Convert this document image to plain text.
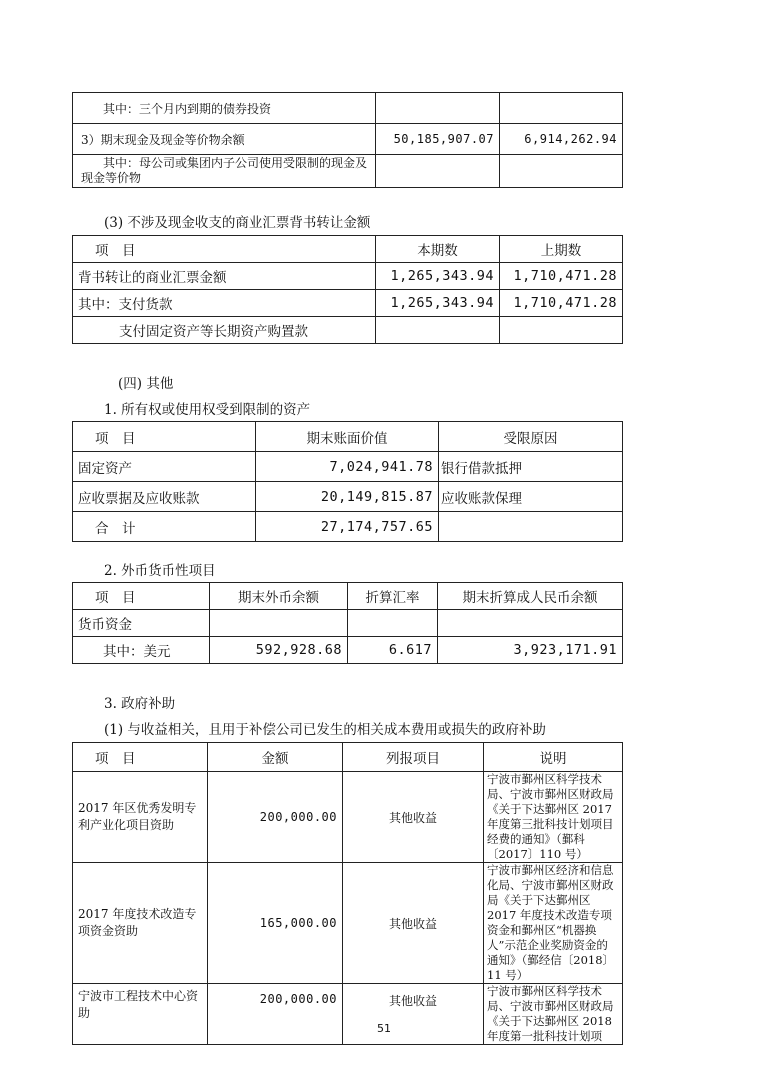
其中：三个月内到期的债券投资		
3）期末现金及现金等价物余额	50,185,907.07	6,914,262.94
其中：母公司或集团内子公司使用受限制的现金及现金等价物		
(3) 不涉及现金收支的商业汇票背书转让金额
项　目	本期数	上期数
背书转让的商业汇票金额	1,265,343.94	1,710,471.28
其中：支付货款	1,265,343.94	1,710,471.28
支付固定资产等长期资产购置款		
(四) 其他
1. 所有权或使用权受到限制的资产
项　目	期末账面价值	受限原因
固定资产	7,024,941.78	银行借款抵押
应收票据及应收账款	20,149,815.87	应收账款保理
合　计	27,174,757.65	
2. 外币货币性项目
项　目	期末外币余额	折算汇率	期末折算成人民币余额
货币资金			
其中：美元	592,928.68	6.617	3,923,171.91
3. 政府补助
(1) 与收益相关，且用于补偿公司已发生的相关成本费用或损失的政府补助
项　目	金额	列报项目	说明
2017 年区优秀发明专利产业化项目资助	200,000.00	其他收益	宁波市鄞州区科学技术局、宁波市鄞州区财政局《关于下达鄞州区 2017 年度第三批科技计划项目经费的通知》（鄞科〔2017〕110 号）
2017 年度技术改造专项资金资助	165,000.00	其他收益	宁波市鄞州区经济和信息化局、宁波市鄞州区财政局《关于下达鄞州区 2017 年度技术改造专项资金和鄞州区“机器换人”示范企业奖励资金的通知》（鄞经信〔2018〕11 号）
宁波市工程技术中心资助	200,000.00	其他收益	宁波市鄞州区科学技术局、宁波市鄞州区财政局《关于下达鄞州区 2018 年度第一批科技计划项
51
